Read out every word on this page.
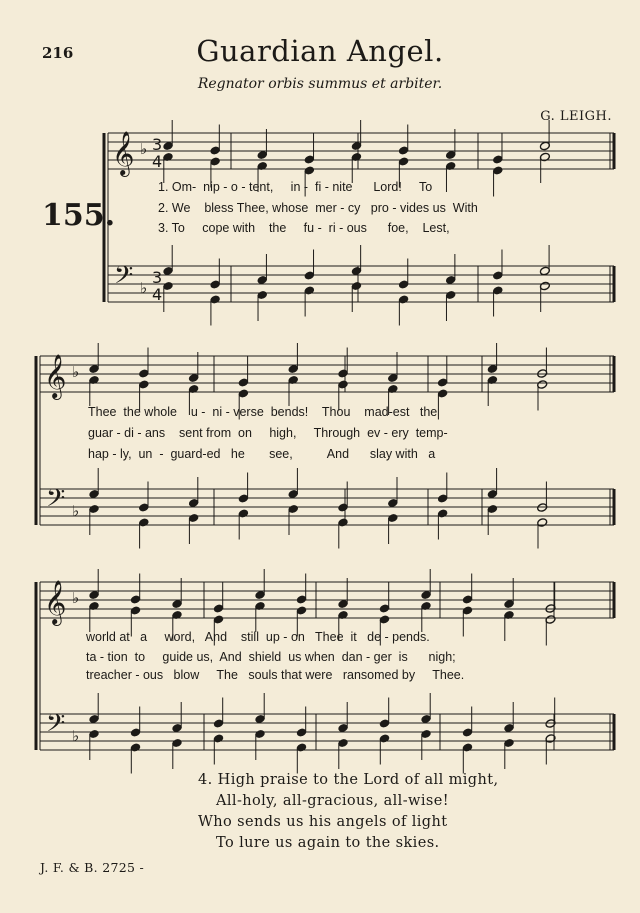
216	Guardian Angel.
Regnator orbis summus et arbiter.
G. LEIGH.
155.
𝄞
𝄢
♭
♭
3
4
3
4
𝄞
𝄢
♭
♭
𝄞
𝄢
♭
♭
1. Om-  nip - o - tent,     in -  fi - nite      Lord!     To
2. We    bless Thee, whose  mer - cy   pro - vides us  With
3. To     cope with    the     fu -  ri - ous      foe,    Lest,
Thee  the whole    u -  ni - verse  bends!    Thou    mad-est   the
guar - di - ans    sent from  on     high,     Through  ev - ery  temp-
hap - ly,  un  -  guard-ed   he       see,          And      slay with   a
world at   a     word,   And    still  up - on   Thee  it   de - pends.
ta - tion  to     guide us,  And  shield  us when  dan - ger  is      nigh;
treacher - ous   blow     The   souls that were   ransomed by     Thee.
4. High praise to the Lord of all might,
All-holy, all-gracious, all-wise!
Who sends us his angels of light
To lure us again to the skies.
J. F. & B. 2725 -
